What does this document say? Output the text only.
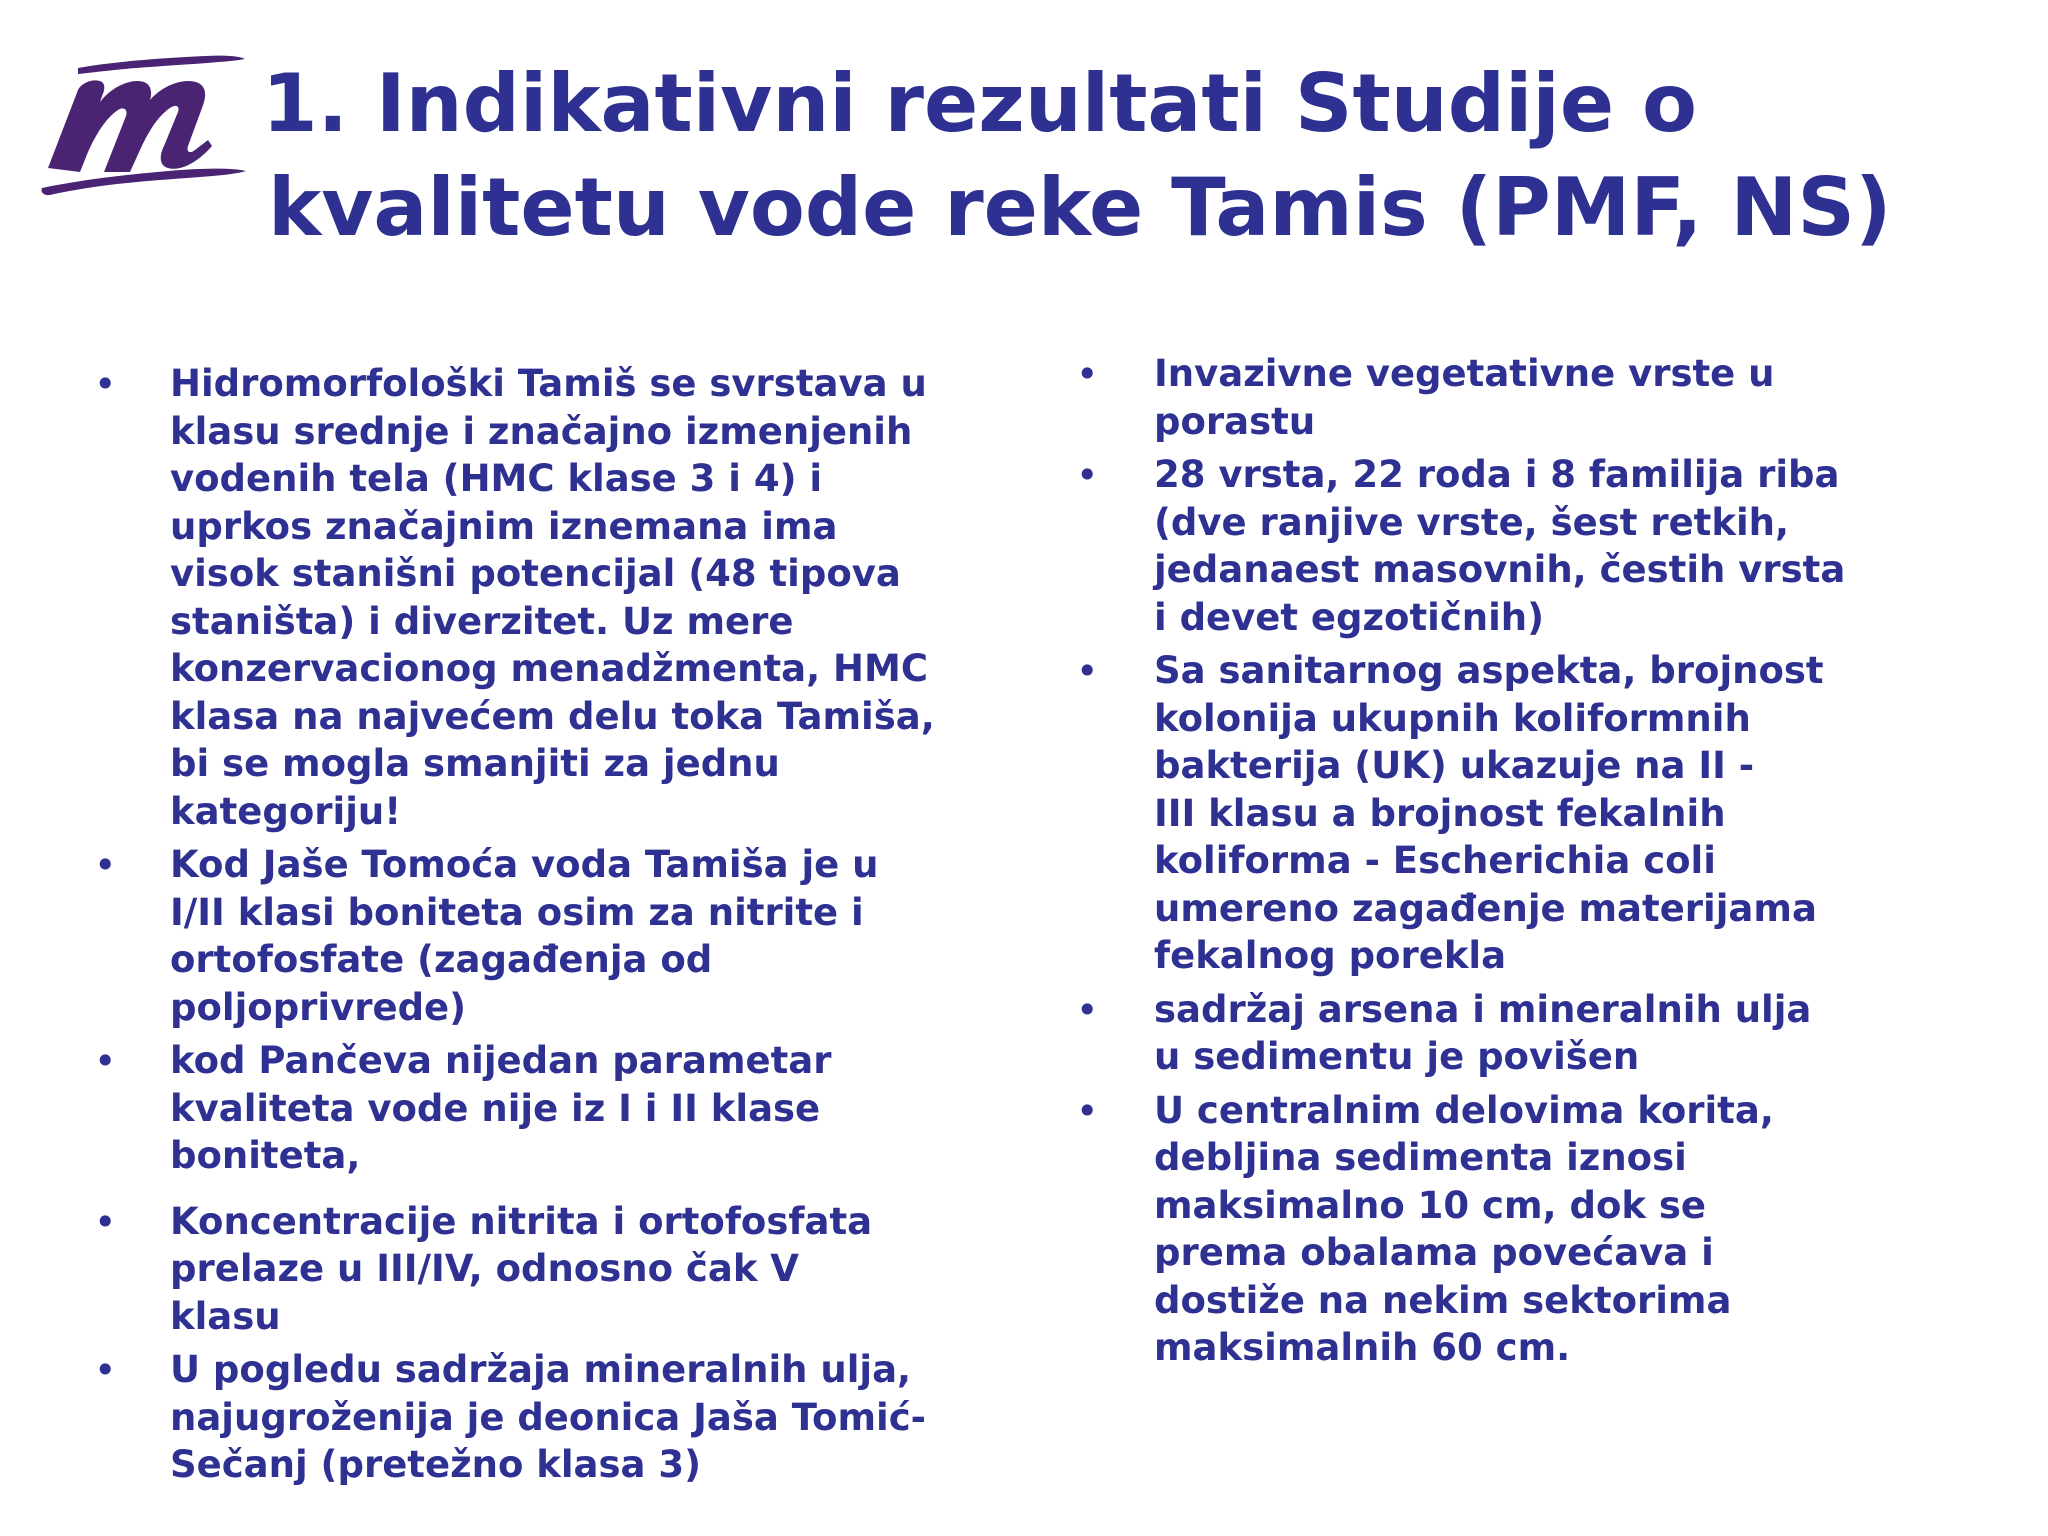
1. Indikativni rezultati Studije o
kvalitetu vode reke Tamis (PMF, NS)
•	Hidromorfološki Tamiš se svrstava u
klasu srednje i značajno izmenjenih
vodenih tela (HMC klase 3 i 4) i
uprkos značajnim iznemana ima
visok stanišni potencijal (48 tipova
staništa) i diverzitet. Uz mere
konzervacionog menadžmenta, HMC
klasa na najvećem delu toka Tamiša,
bi se mogla smanjiti za jednu
kategoriju!
•	Kod Jaše Tomoća voda Tamiša je u
I/II klasi boniteta osim za nitrite i
ortofosfate (zagađenja od
poljoprivrede)
•	kod Pančeva nijedan parametar
kvaliteta vode nije iz I i II klase
boniteta,
•	Koncentracije nitrita i ortofosfata
prelaze u III/IV, odnosno čak V
klasu
•	U pogledu sadržaja mineralnih ulja,
najugroženija je deonica Jaša Tomić-
Sečanj (pretežno klasa 3)
•	Invazivne vegetativne vrste u
porastu
•	28 vrsta, 22 roda i 8 familija riba
(dve ranjive vrste, šest retkih,
jedanaest masovnih, čestih vrsta
i devet egzotičnih)
•	Sa sanitarnog aspekta, brojnost
kolonija ukupnih koliformnih
bakterija (UK) ukazuje na II -
III klasu a brojnost fekalnih
koliforma - Escherichia coli
umereno zagađenje materijama
fekalnog porekla
•	sadržaj arsena i mineralnih ulja
u sedimentu je povišen
•	U centralnim delovima korita,
debljina sedimenta iznosi
maksimalno 10 cm, dok se
prema obalama povećava i
dostiže na nekim sektorima
maksimalnih 60 cm.
